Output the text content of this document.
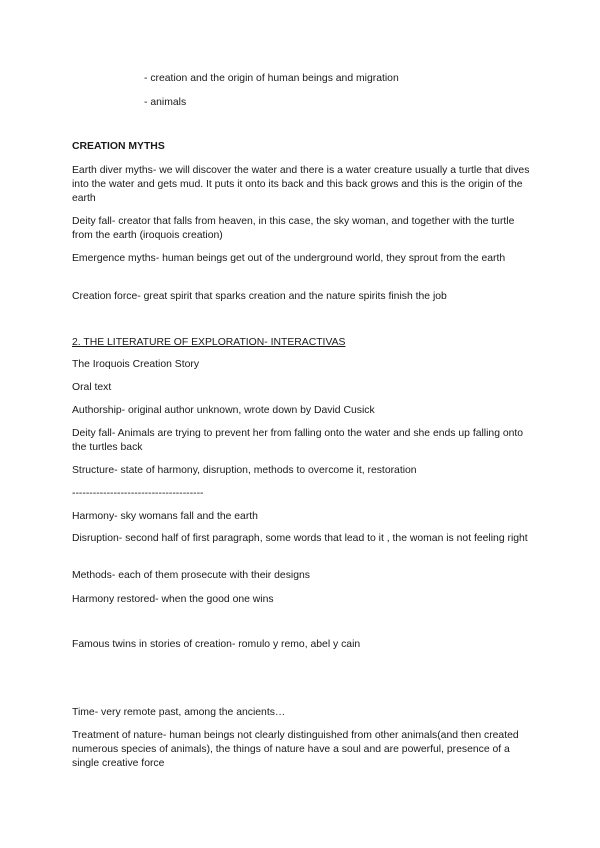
- creation and the origin of human beings and migration

- animals

CREATION MYTHS

Earth diver myths- we will discover the water and there is a water creature usually a turtle that dives into the water and gets mud. It puts it onto its back and this back grows and this is the origin of the earth

Deity fall- creator that falls from heaven, in this case, the sky woman, and together with the turtle from the earth (iroquois creation)

Emergence myths- human beings get out of the underground world, they sprout from the earth

Creation force- great spirit that sparks creation and the nature spirits finish the job

2. THE LITERATURE OF EXPLORATION- INTERACTIVAS

The Iroquois Creation Story

Oral text

Authorship- original author unknown, wrote down by David Cusick

Deity fall- Animals are trying to prevent her from falling onto the water and she ends up falling onto the turtles back

Structure- state of harmony, disruption, methods to overcome it, restoration

--------------------------------------

Harmony- sky womans fall and the earth

Disruption- second half of first paragraph, some words that lead to it , the woman is not feeling right

Methods- each of them prosecute with their designs

Harmony restored- when the good one wins

Famous twins in stories of creation- romulo y remo, abel y cain

Time- very remote past, among the ancients…

Treatment of nature- human beings not clearly distinguished from other animals(and then created numerous species of animals), the things of nature have a soul and are powerful, presence of a single creative force
